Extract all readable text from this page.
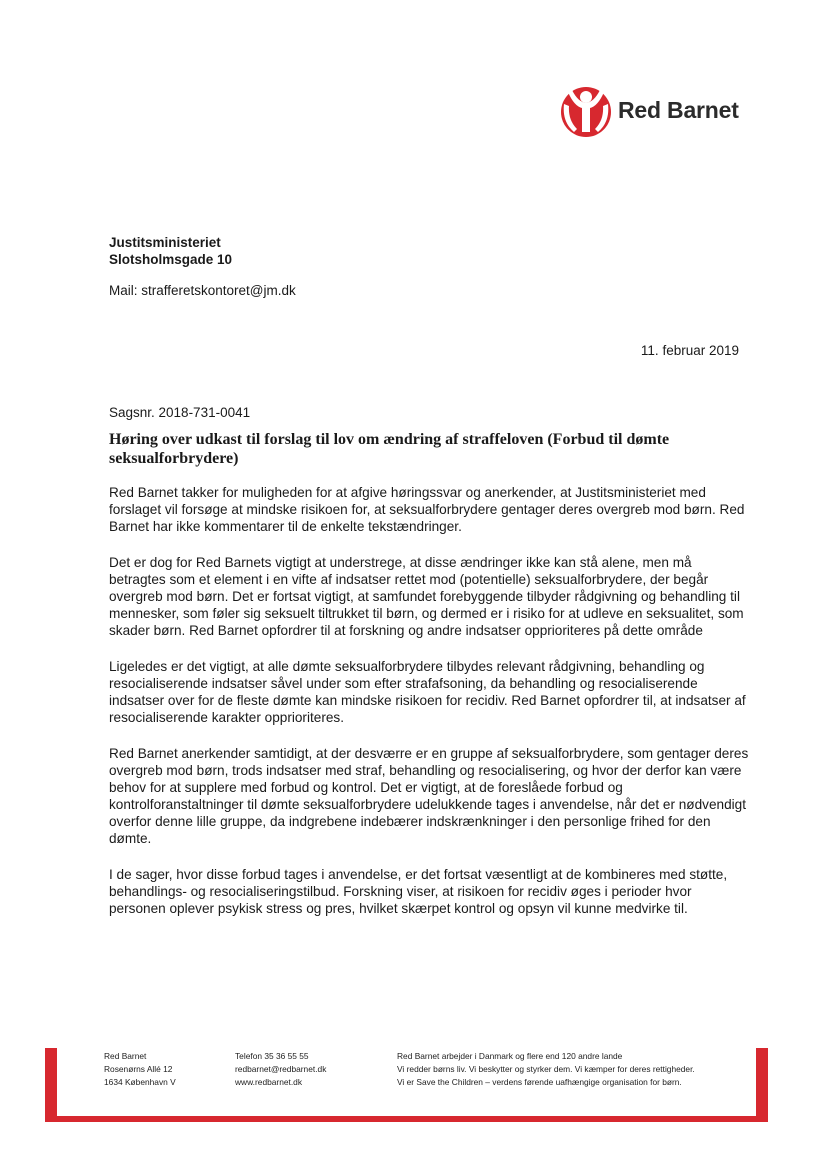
Red Barnet
Justitsministeriet
Slotsholmsgade 10
Mail: strafferetskontoret@jm.dk
11. februar 2019
Sagsnr. 2018-731-0041
Høring over udkast til forslag til lov om ændring af straffeloven (Forbud til dømte seksualforbrydere)

Red Barnet takker for muligheden for at afgive høringssvar og anerkender, at Justitsministeriet med forslaget vil forsøge at mindske risikoen for, at seksualforbrydere gentager deres overgreb mod børn. Red Barnet har ikke kommentarer til de enkelte tekstændringer.

Det er dog for Red Barnets vigtigt at understrege, at disse ændringer ikke kan stå alene, men må betragtes som et element i en vifte af indsatser rettet mod (potentielle) seksualforbrydere, der begår overgreb mod børn. Det er fortsat vigtigt, at samfundet forebyggende tilbyder rådgivning og behandling til mennesker, som føler sig seksuelt tiltrukket til børn, og dermed er i risiko for at udleve en seksualitet, som skader børn. Red Barnet opfordrer til at forskning og andre indsatser opprioriteres på dette område

Ligeledes er det vigtigt, at alle dømte seksualforbrydere tilbydes relevant rådgivning, behandling og resocialiserende indsatser såvel under som efter strafafsoning, da behandling og resocialiserende indsatser over for de fleste dømte kan mindske risikoen for recidiv. Red Barnet opfordrer til, at indsatser af resocialiserende karakter opprioriteres.

Red Barnet anerkender samtidigt, at der desværre er en gruppe af seksualforbrydere, som gentager deres overgreb mod børn, trods indsatser med straf, behandling og resocialisering, og hvor der derfor kan være behov for at supplere med forbud og kontrol. Det er vigtigt, at de foreslåede forbud og kontrolforanstaltninger til dømte seksualforbrydere udelukkende tages i anvendelse, når det er nødvendigt overfor denne lille gruppe, da indgrebene indebærer indskrænkninger i den personlige frihed for den dømte.

I de sager, hvor disse forbud tages i anvendelse, er det fortsat væsentligt at de kombineres med støtte, behandlings- og resocialiseringstilbud. Forskning viser, at risikoen for recidiv øges i perioder hvor personen oplever psykisk stress og pres, hvilket skærpet kontrol og opsyn vil kunne medvirke til.

Red Barnet
Rosenørns Allé 12
1634 København V
Telefon 35 36 55 55
redbarnet@redbarnet.dk
www.redbarnet.dk
Red Barnet arbejder i Danmark og flere end 120 andre lande
Vi redder børns liv. Vi beskytter og styrker dem. Vi kæmper for deres rettigheder.
Vi er Save the Children – verdens førende uafhængige organisation for børn.
